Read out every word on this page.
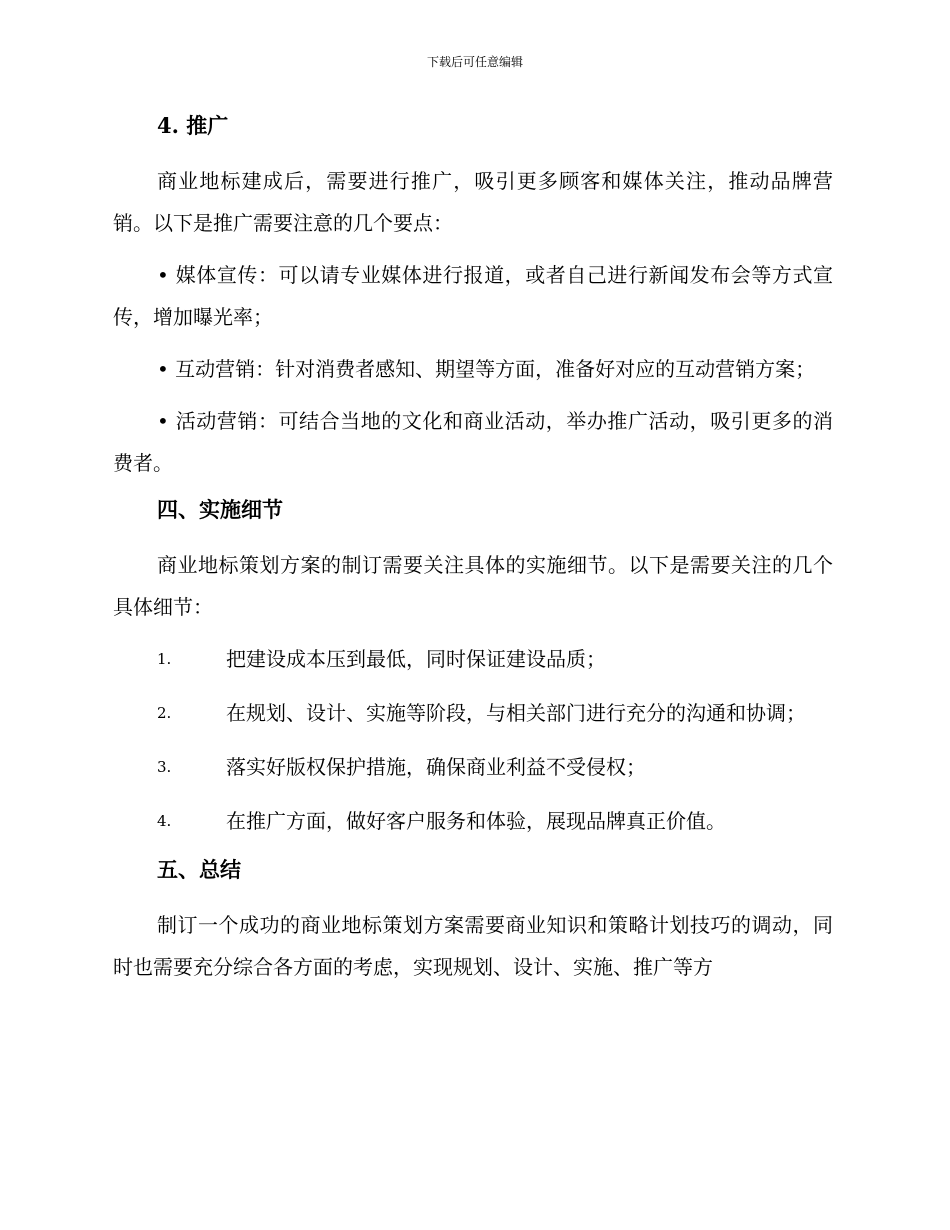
下载后可任意编辑
4. 推广

商业地标建成后，需要进行推广，吸引更多顾客和媒体关注，推动品牌营销。以下是推广需要注意的几个要点：

• 媒体宣传：可以请专业媒体进行报道，或者自己进行新闻发布会等方式宣传，增加曝光率；

• 互动营销：针对消费者感知、期望等方面，准备好对应的互动营销方案；

• 活动营销：可结合当地的文化和商业活动，举办推广活动，吸引更多的消费者。

四、实施细节

商业地标策划方案的制订需要关注具体的实施细节。以下是需要关注的几个具体细节：

1.	把建设成本压到最低，同时保证建设品质；
2.	在规划、设计、实施等阶段，与相关部门进行充分的沟通和协调；
3.	落实好版权保护措施，确保商业利益不受侵权；
4.	在推广方面，做好客户服务和体验，展现品牌真正价值。
五、总结

制订一个成功的商业地标策划方案需要商业知识和策略计划技巧的调动，同时也需要充分综合各方面的考虑，实现规划、设计、实施、推广等方
